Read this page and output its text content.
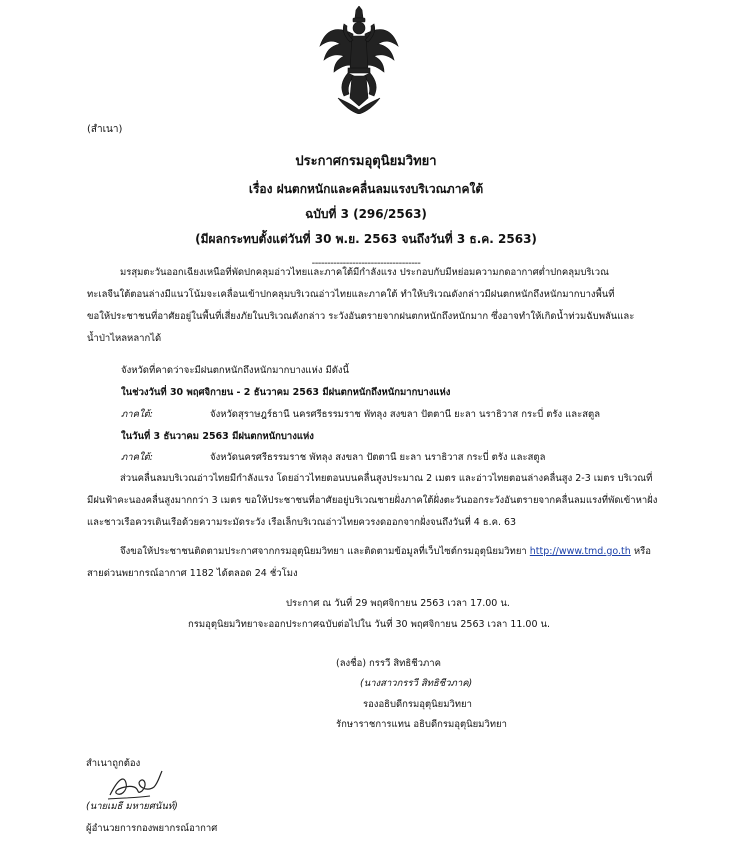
(สำเนา)
ประกาศกรมอุตุนิยมวิทยา
เรื่อง ฝนตกหนักและคลื่นลมแรงบริเวณภาคใต้
ฉบับที่ 3 (296/2563)
(มีผลกระทบตั้งแต่วันที่ 30 พ.ย. 2563 จนถึงวันที่ 3 ธ.ค. 2563)
-----------------------------------
มรสุมตะวันออกเฉียงเหนือที่พัดปกคลุมอ่าวไทยและภาคใต้มีกำลังแรง ประกอบกับมีหย่อมความกดอากาศต่ำปกคลุมบริเวณ
ทะเลจีนใต้ตอนล่างมีแนวโน้มจะเคลื่อนเข้าปกคลุมบริเวณอ่าวไทยและภาคใต้ ทำให้บริเวณดังกล่าวมีฝนตกหนักถึงหนักมากบางพื้นที่
ขอให้ประชาชนที่อาศัยอยู่ในพื้นที่เสี่ยงภัยในบริเวณดังกล่าว ระวังอันตรายจากฝนตกหนักถึงหนักมาก ซึ่งอาจทำให้เกิดน้ำท่วมฉับพลันและ
น้ำป่าไหลหลากได้
จังหวัดที่คาดว่าจะมีฝนตกหนักถึงหนักมากบางแห่ง มีดังนี้
ในช่วงวันที่ 30 พฤศจิกายน - 2 ธันวาคม 2563 มีฝนตกหนักถึงหนักมากบางแห่ง
ภาคใต้:	จังหวัดสุราษฎร์ธานี นครศรีธรรมราช พัทลุง สงขลา ปัตตานี ยะลา นราธิวาส กระบี่ ตรัง และสตูล
ในวันที่ 3 ธันวาคม 2563 มีฝนตกหนักบางแห่ง
ภาคใต้:	จังหวัดนครศรีธรรมราช พัทลุง สงขลา ปัตตานี ยะลา นราธิวาส กระบี่ ตรัง และสตูล
ส่วนคลื่นลมบริเวณอ่าวไทยมีกำลังแรง โดยอ่าวไทยตอนบนคลื่นสูงประมาณ 2 เมตร และอ่าวไทยตอนล่างคลื่นสูง 2-3 เมตร บริเวณที่
มีฝนฟ้าคะนองคลื่นสูงมากกว่า 3 เมตร ขอให้ประชาชนที่อาศัยอยู่บริเวณชายฝั่งภาคใต้ฝั่งตะวันออกระวังอันตรายจากคลื่นลมแรงที่พัดเข้าหาฝั่ง
และชาวเรือควรเดินเรือด้วยความระมัดระวัง เรือเล็กบริเวณอ่าวไทยควรงดออกจากฝั่งจนถึงวันที่ 4 ธ.ค. 63
จึงขอให้ประชาชนติดตามประกาศจากกรมอุตุนิยมวิทยา และติดตามข้อมูลที่เว็บไซต์กรมอุตุนิยมวิทยา http://www.tmd.go.th หรือ
สายด่วนพยากรณ์อากาศ 1182 ได้ตลอด 24 ชั่วโมง
ประกาศ ณ วันที่ 29 พฤศจิกายน 2563 เวลา 17.00 น.
กรมอุตุนิยมวิทยาจะออกประกาศฉบับต่อไปใน วันที่ 30 พฤศจิกายน 2563 เวลา 11.00 น.
(ลงชื่อ) กรรวี สิทธิชีวภาค
(นางสาวกรรวี สิทธิชีวภาค)
รองอธิบดีกรมอุตุนิยมวิทยา
รักษาราชการแทน อธิบดีกรมอุตุนิยมวิทยา
สำเนาถูกต้อง
(นายเมธี มหายศนันท์)
ผู้อำนวยการกองพยากรณ์อากาศ
